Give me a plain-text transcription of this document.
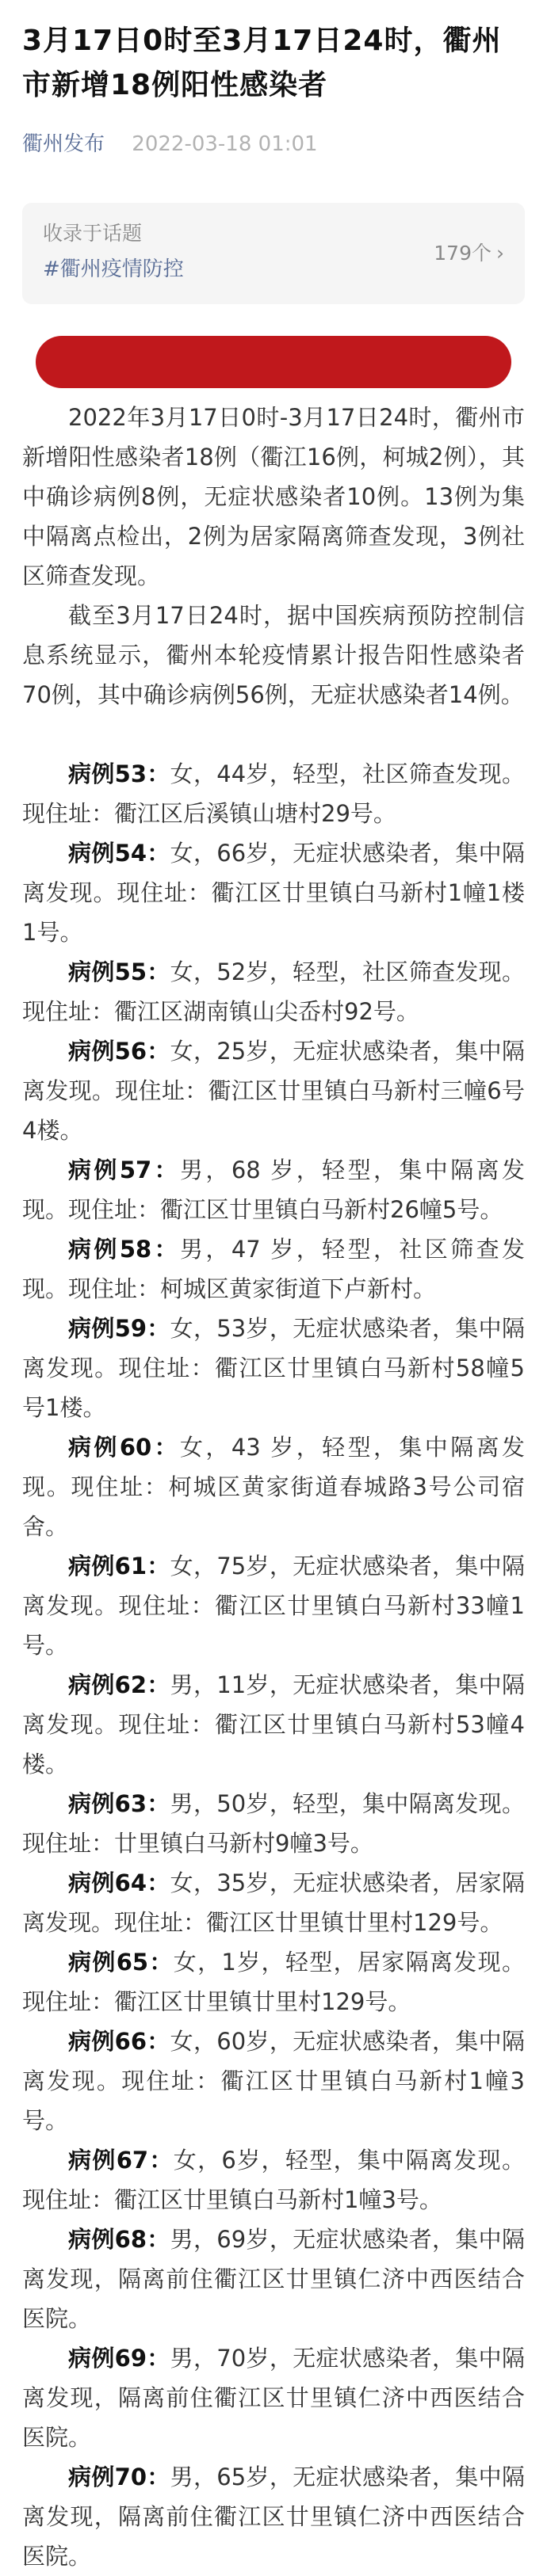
3月17日0时至3月17日24时，衢州市新增18例阳性感染者
衢州发布 2022-03-18 01:01
收录于话题
#衢州疫情防控
179个 ›

2022年3月17日0时-3月17日24时，衢州市新增阳性感染者18例（衢江16例，柯城2例），其中确诊病例8例，无症状感染者10例。13例为集中隔离点检出，2例为居家隔离筛查发现，3例社区筛查发现。

截至3月17日24时，据中国疾病预防控制信息系统显示，衢州本轮疫情累计报告阳性感染者70例，其中确诊病例56例，无症状感染者14例。

病例53：女，44岁，轻型，社区筛查发现。现住址：衢江区后溪镇山塘村29号。

病例54：女，66岁，无症状感染者，集中隔离发现。现住址：衢江区廿里镇白马新村1幢1楼1号。

病例55：女，52岁，轻型，社区筛查发现。现住址：衢江区湖南镇山尖岙村92号。

病例56：女，25岁，无症状感染者，集中隔离发现。现住址：衢江区廿里镇白马新村三幢6号4楼。

病例57：男，68 岁，轻型，集中隔离发现。现住址：衢江区廿里镇白马新村26幢5号。

病例58：男，47 岁，轻型，社区筛查发现。现住址：柯城区黄家街道下卢新村。

病例59：女，53岁，无症状感染者，集中隔离发现。现住址：衢江区廿里镇白马新村58幢5号1楼。

病例60：女，43 岁，轻型，集中隔离发现。现住址：柯城区黄家街道春城路3号公司宿舍。

病例61：女，75岁，无症状感染者，集中隔离发现。现住址：衢江区廿里镇白马新村33幢1号。

病例62：男，11岁，无症状感染者，集中隔离发现。现住址：衢江区廿里镇白马新村53幢4楼。

病例63：男，50岁，轻型，集中隔离发现。现住址：廿里镇白马新村9幢3号。

病例64：女，35岁，无症状感染者，居家隔离发现。现住址：衢江区廿里镇廿里村129号。

病例65：女，1岁，轻型，居家隔离发现。现住址：衢江区廿里镇廿里村129号。

病例66：女，60岁，无症状感染者，集中隔离发现。现住址：衢江区廿里镇白马新村1幢3号。

病例67：女，6岁，轻型，集中隔离发现。现住址：衢江区廿里镇白马新村1幢3号。

病例68：男，69岁，无症状感染者，集中隔离发现，隔离前住衢江区廿里镇仁济中西医结合医院。

病例69：男，70岁，无症状感染者，集中隔离发现，隔离前住衢江区廿里镇仁济中西医结合医院。

病例70：男，65岁，无症状感染者，集中隔离发现，隔离前住衢江区廿里镇仁济中西医结合医院。
